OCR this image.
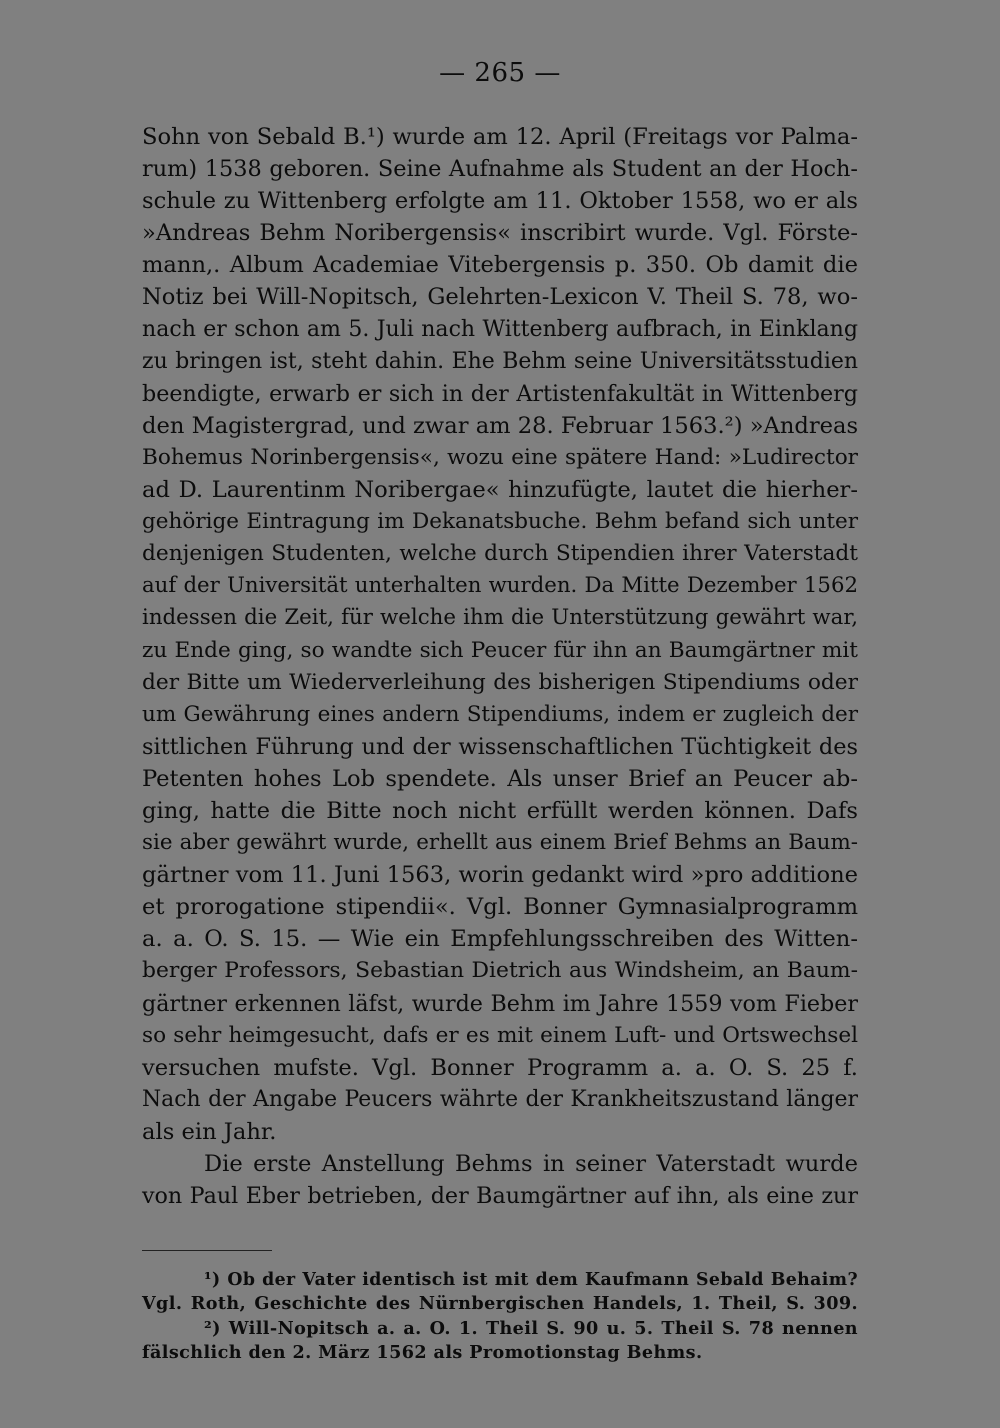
— 265 —
Sohn von Sebald B.¹) wurde am 12. April (Freitags vor Palma-
rum) 1538 geboren. Seine Aufnahme als Student an der Hoch-
schule zu Wittenberg erfolgte am 11. Oktober 1558, wo er als
»Andreas Behm Noribergensis« inscribirt wurde. Vgl. Förste-
mann,. Album Academiae Vitebergensis p. 350. Ob damit die
Notiz bei Will-Nopitsch, Gelehrten-Lexicon V. Theil S. 78, wo-
nach er schon am 5. Juli nach Wittenberg aufbrach, in Einklang
zu bringen ist, steht dahin. Ehe Behm seine Universitätsstudien
beendigte, erwarb er sich in der Artistenfakultät in Wittenberg
den Magistergrad, und zwar am 28. Februar 1563.²) »Andreas
Bohemus Norinbergensis«, wozu eine spätere Hand: »Ludirector
ad D. Laurentinm Noribergae« hinzufügte, lautet die hierher-
gehörige Eintragung im Dekanatsbuche. Behm befand sich unter
denjenigen Studenten, welche durch Stipendien ihrer Vaterstadt
auf der Universität unterhalten wurden. Da Mitte Dezember 1562
indessen die Zeit, für welche ihm die Unterstützung gewährt war,
zu Ende ging, so wandte sich Peucer für ihn an Baumgärtner mit
der Bitte um Wiederverleihung des bisherigen Stipendiums oder
um Gewährung eines andern Stipendiums, indem er zugleich der
sittlichen Führung und der wissenschaftlichen Tüchtigkeit des
Petenten hohes Lob spendete. Als unser Brief an Peucer ab-
ging, hatte die Bitte noch nicht erfüllt werden können. Dafs
sie aber gewährt wurde, erhellt aus einem Brief Behms an Baum-
gärtner vom 11. Juni 1563, worin gedankt wird »pro additione
et prorogatione stipendii«. Vgl. Bonner Gymnasialprogramm
a. a. O. S. 15. — Wie ein Empfehlungsschreiben des Witten-
berger Professors, Sebastian Dietrich aus Windsheim, an Baum-
gärtner erkennen läfst, wurde Behm im Jahre 1559 vom Fieber
so sehr heimgesucht, dafs er es mit einem Luft- und Ortswechsel
versuchen mufste. Vgl. Bonner Programm a. a. O. S. 25 f.
Nach der Angabe Peucers währte der Krankheitszustand länger
als ein Jahr.
Die erste Anstellung Behms in seiner Vaterstadt wurde
von Paul Eber betrieben, der Baumgärtner auf ihn, als eine zur
¹) Ob der Vater identisch ist mit dem Kaufmann Sebald Behaim?
Vgl. Roth, Geschichte des Nürnbergischen Handels, 1. Theil, S. 309.
²) Will-Nopitsch a. a. O. 1. Theil S. 90 u. 5. Theil S. 78 nennen
fälschlich den 2. März 1562 als Promotionstag Behms.
